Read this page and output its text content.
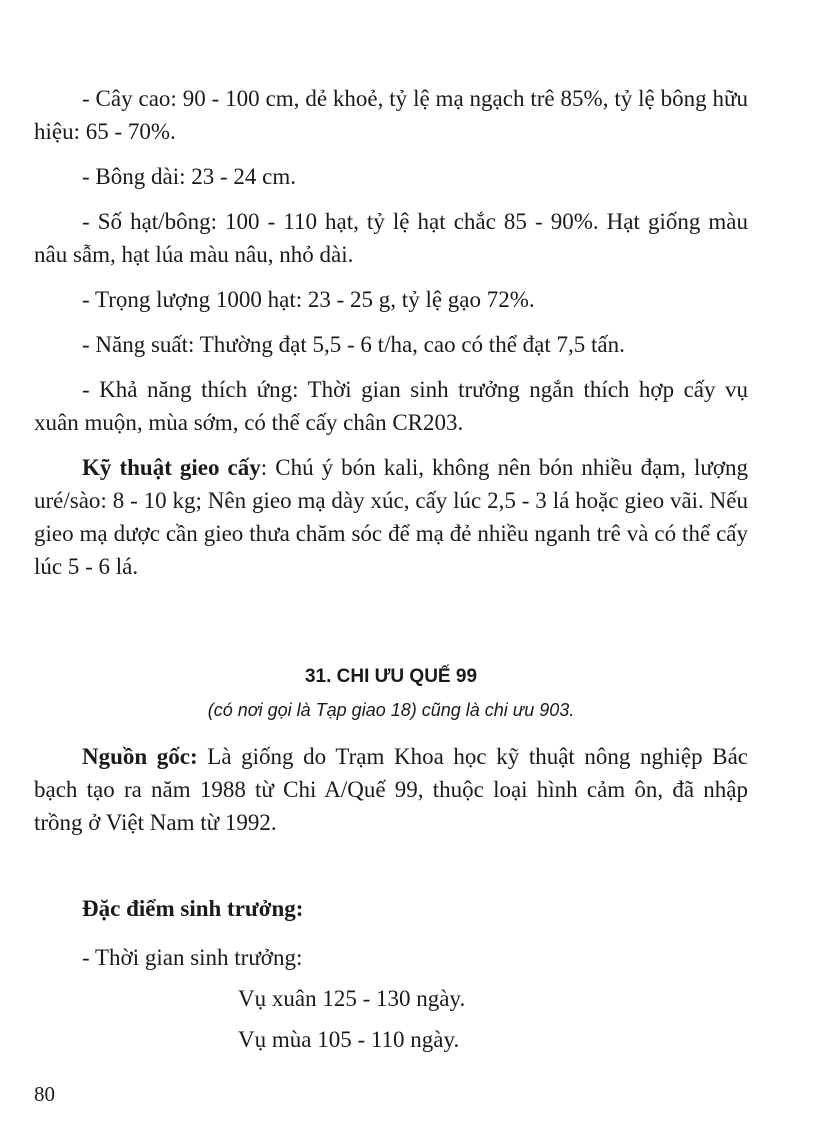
- Cây cao: 90 - 100 cm, dẻ khoẻ, tỷ lệ mạ ngạch trê 85%, tỷ lệ bông hữu hiệu: 65 - 70%.

- Bông dài: 23 - 24 cm.

- Số hạt/bông: 100 - 110 hạt, tỷ lệ hạt chắc 85 - 90%. Hạt giống màu nâu sẫm, hạt lúa màu nâu, nhỏ dài.

- Trọng lượng 1000 hạt: 23 - 25 g, tỷ lệ gạo 72%.

- Năng suất: Thường đạt 5,5 - 6 t/ha, cao có thể đạt 7,5 tấn.

- Khả năng thích ứng: Thời gian sinh trưởng ngắn thích hợp cấy vụ xuân muộn, mùa sớm, có thể cấy chân CR203.

Kỹ thuật gieo cấy: Chú ý bón kali, không nên bón nhiều đạm, lượng uré/sào: 8 - 10 kg; Nên gieo mạ dày xúc, cấy lúc 2,5 - 3 lá hoặc gieo vãi. Nếu gieo mạ dược cần gieo thưa chăm sóc để mạ đẻ nhiều nganh trê và có thể cấy lúc 5 - 6 lá.

31. CHI ƯU QUẾ 99
(có nơi gọi là Tạp giao 18) cũng là chi ưu 903.

Nguồn gốc: Là giống do Trạm Khoa học kỹ thuật nông nghiệp Bác bạch tạo ra năm 1988 từ Chi A/Quế 99, thuộc loại hình cảm ôn, đã nhập trồng ở Việt Nam từ 1992.

Đặc điểm sinh trưởng:

- Thời gian sinh trưởng:

Vụ xuân 125 - 130 ngày.
Vụ mùa 105 - 110 ngày.
80
